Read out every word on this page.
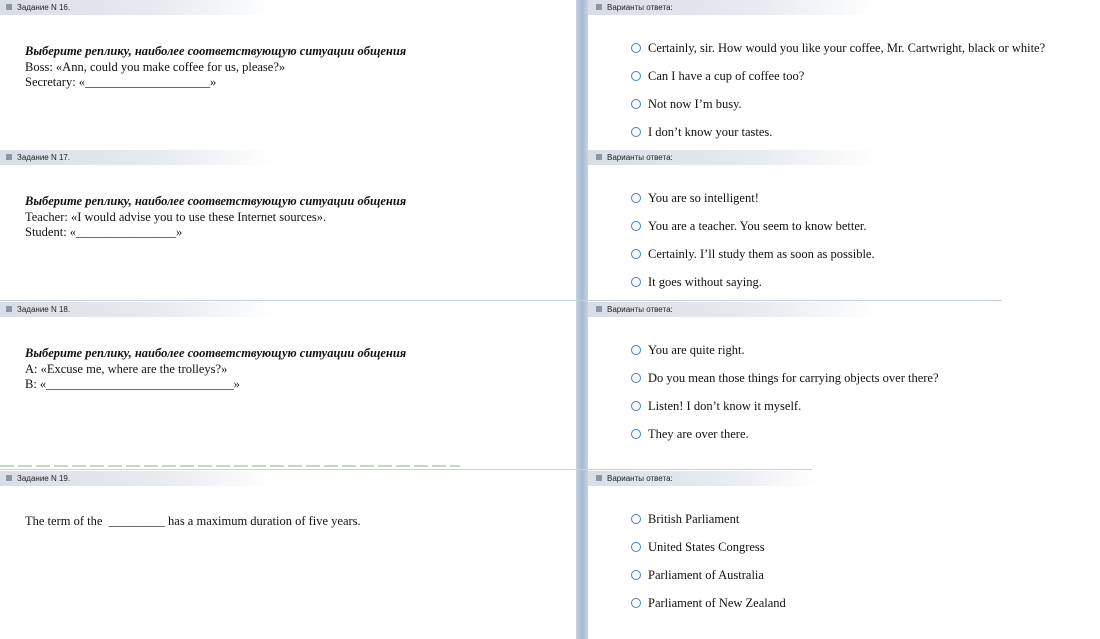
Задание N 16.	Варианты ответа:
Выберите реплику, наиболее соответствующую ситуации общения
Boss: «Ann, could you make coffee for us, please?»
Secretary: «____________________»
Certainly, sir. How would you like your coffee, Mr. Cartwright, black or white?
Can I have a cup of coffee too?
Not now I’m busy.
I don’t know your tastes.
Задание N 17.	Варианты ответа:
Выберите реплику, наиболее соответствующую ситуации общения
Teacher: «I would advise you to use these Internet sources».
Student: «________________»
You are so intelligent!
You are a teacher. You seem to know better.
Certainly. I’ll study them as soon as possible.
It goes without saying.
Задание N 18.	Варианты ответа:
Выберите реплику, наиболее соответствующую ситуации общения
A: «Excuse me, where are the trolleys?»
B: «______________________________»
You are quite right.
Do you mean those things for carrying objects over there?
Listen! I don’t know it myself.
They are over there.
Задание N 19.	Варианты ответа:
The term of the  _________ has a maximum duration of five years.	British Parliament
United States Congress
Parliament of Australia
Parliament of New Zealand
